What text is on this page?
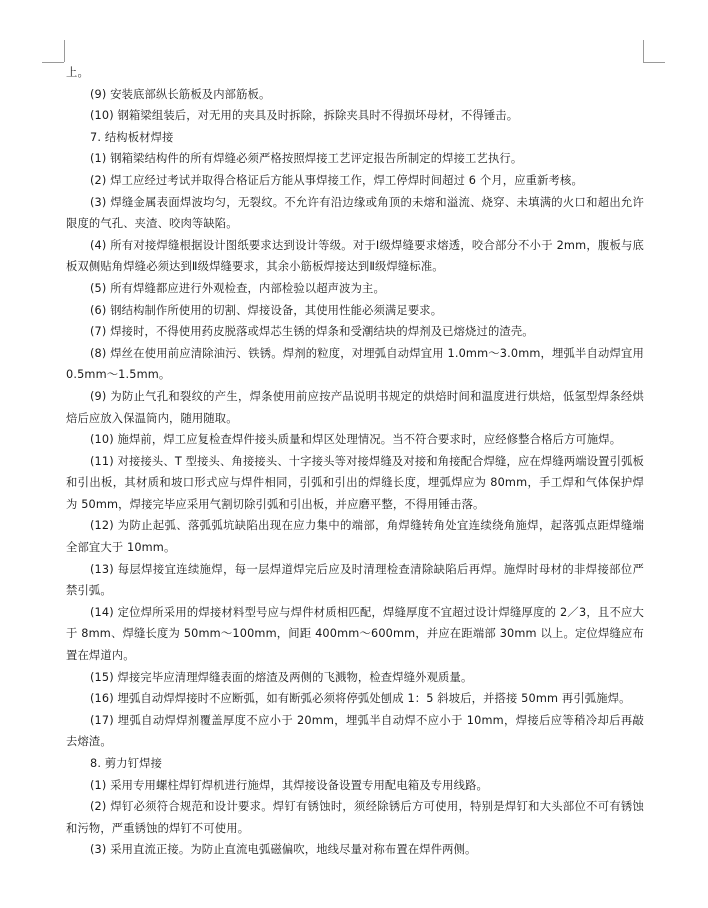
上。

(9) 安装底部纵长筋板及内部筋板。

(10) 钢箱梁组装后，对无用的夹具及时拆除，拆除夹具时不得损坏母材，不得锤击。

7. 结构板材焊接

(1) 钢箱梁结构件的所有焊缝必须严格按照焊接工艺评定报告所制定的焊接工艺执行。

(2) 焊工应经过考试并取得合格证后方能从事焊接工作，焊工停焊时间超过 6 个月，应重新考核。

(3) 焊缝金属表面焊波均匀，无裂纹。不允许有沿边缘或角顶的未熔和溢流、烧穿、未填满的火口和超出允许限度的气孔、夹渣、咬肉等缺陷。

(4) 所有对接焊缝根据设计图纸要求达到设计等级。对于Ⅰ级焊缝要求熔透，咬合部分不小于 2mm，腹板与底板双侧贴角焊缝必须达到Ⅱ级焊缝要求，其余小筋板焊接达到Ⅱ级焊缝标准。

(5) 所有焊缝都应进行外观检查，内部检验以超声波为主。

(6) 钢结构制作所使用的切割、焊接设备，其使用性能必须满足要求。

(7) 焊接时，不得使用药皮脱落或焊芯生锈的焊条和受潮结块的焊剂及已熔烧过的渣壳。

(8) 焊丝在使用前应清除油污、铁锈。焊剂的粒度，对埋弧自动焊宜用 1.0mm～3.0mm，埋弧半自动焊宜用 0.5mm～1.5mm。

(9) 为防止气孔和裂纹的产生，焊条使用前应按产品说明书规定的烘焙时间和温度进行烘焙，低氢型焊条经烘焙后应放入保温筒内，随用随取。

(10) 施焊前，焊工应复检查焊件接头质量和焊区处理情况。当不符合要求时，应经修整合格后方可施焊。

(11) 对接接头、T 型接头、角接接头、十字接头等对接焊缝及对接和角接配合焊缝，应在焊缝两端设置引弧板和引出板，其材质和坡口形式应与焊件相同，引弧和引出的焊缝长度，埋弧焊应为 80mm，手工焊和气体保护焊为 50mm，焊接完毕应采用气割切除引弧和引出板，并应磨平整，不得用锤击落。

(12) 为防止起弧、落弧弧坑缺陷出现在应力集中的端部，角焊缝转角处宜连续绕角施焊，起落弧点距焊缝端全部宜大于 10mm。

(13) 每层焊接宜连续施焊，每一层焊道焊完后应及时清理检查清除缺陷后再焊。施焊时母材的非焊接部位严禁引弧。

(14) 定位焊所采用的焊接材料型号应与焊件材质相匹配，焊缝厚度不宜超过设计焊缝厚度的 2／3，且不应大于 8mm、焊缝长度为 50mm～100mm，间距 400mm～600mm，并应在距端部 30mm 以上。定位焊缝应布置在焊道内。

(15) 焊接完毕应清理焊缝表面的熔渣及两侧的飞溅物，检查焊缝外观质量。

(16) 埋弧自动焊焊接时不应断弧，如有断弧必须将停弧处刨成 1：5 斜坡后，并搭接 50mm 再引弧施焊。

(17) 埋弧自动焊焊剂覆盖厚度不应小于 20mm，埋弧半自动焊不应小于 10mm，焊接后应等稍冷却后再敲去熔渣。

8. 剪力钉焊接

(1) 采用专用螺柱焊钉焊机进行施焊，其焊接设备设置专用配电箱及专用线路。

(2) 焊钉必须符合规范和设计要求。焊钉有锈蚀时，须经除锈后方可使用，特别是焊钉和大头部位不可有锈蚀和污物，严重锈蚀的焊钉不可使用。

(3) 采用直流正接。为防止直流电弧磁偏吹，地线尽量对称布置在焊件两侧。
